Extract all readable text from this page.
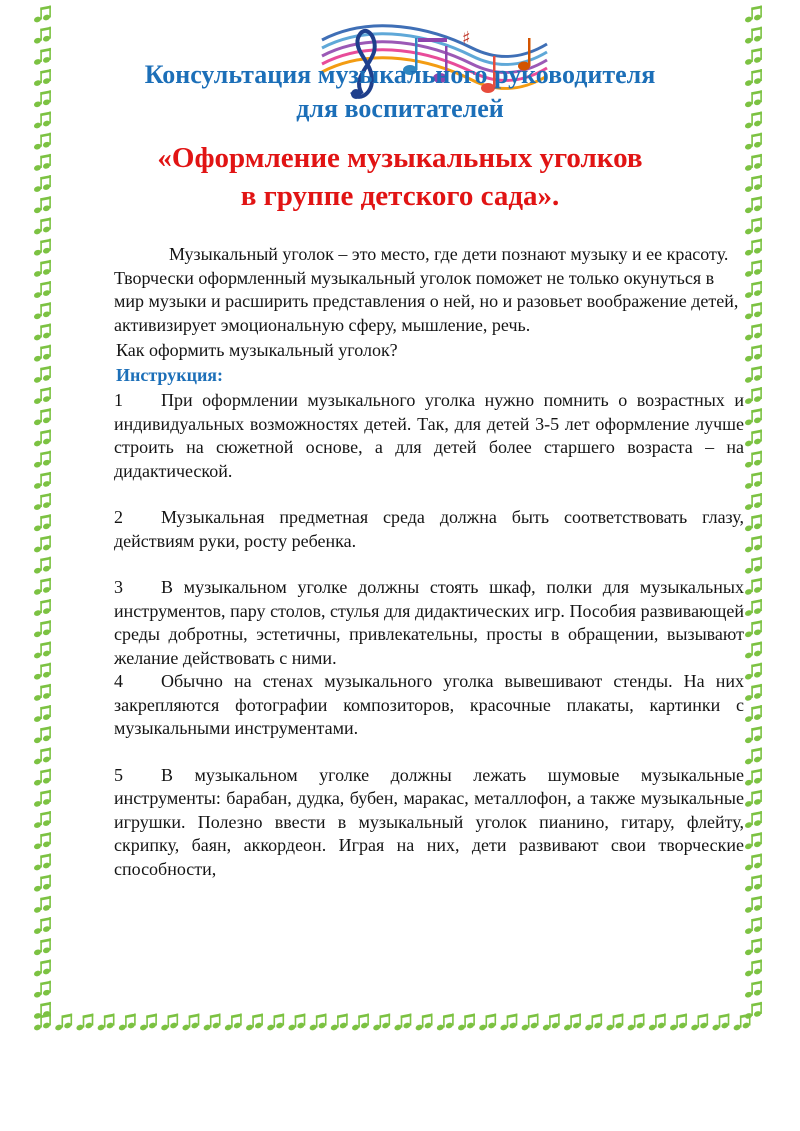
♯
Консультация музыкального руководителя
для воспитателей
«Оформление музыкальных уголков
в группе детского сада».

Музыкальный уголок – это место, где дети познают музыку и ее красоту. Творчески оформленный музыкальный уголок поможет не только окунуться в мир музыки и расширить представления о ней, но и разовьет воображение детей, активизирует эмоциональную сферу, мышление, речь.

Как оформить музыкальный уголок?

Инструкция:

1 При оформлении музыкального уголка нужно помнить о возрастных и индивидуальных возможностях детей. Так, для детей 3-5 лет оформление лучше строить на сюжетной основе, а для детей более старшего возраста – на дидактической.

2 Музыкальная предметная среда должна быть соответствовать глазу, действиям руки, росту ребенка.

3 В музыкальном уголке должны стоять шкаф, полки для музыкальных инструментов, пару столов, стулья для дидактических игр. Пособия развивающей среды добротны, эстетичны, привлекательны, просты в обращении, вызывают желание действовать с ними.

4 Обычно на стенах музыкального уголка вывешивают стенды. На них закрепляются фотографии композиторов, красочные плакаты, картинки с музыкальными инструментами.

5 В музыкальном уголке должны лежать шумовые музыкальные инструменты: барабан, дудка, бубен, маракас, металлофон, а также музыкальные игрушки. Полезно ввести в музыкальный уголок пианино, гитару, флейту, скрипку, баян, аккордеон. Играя на них, дети развивают свои творческие способности,
